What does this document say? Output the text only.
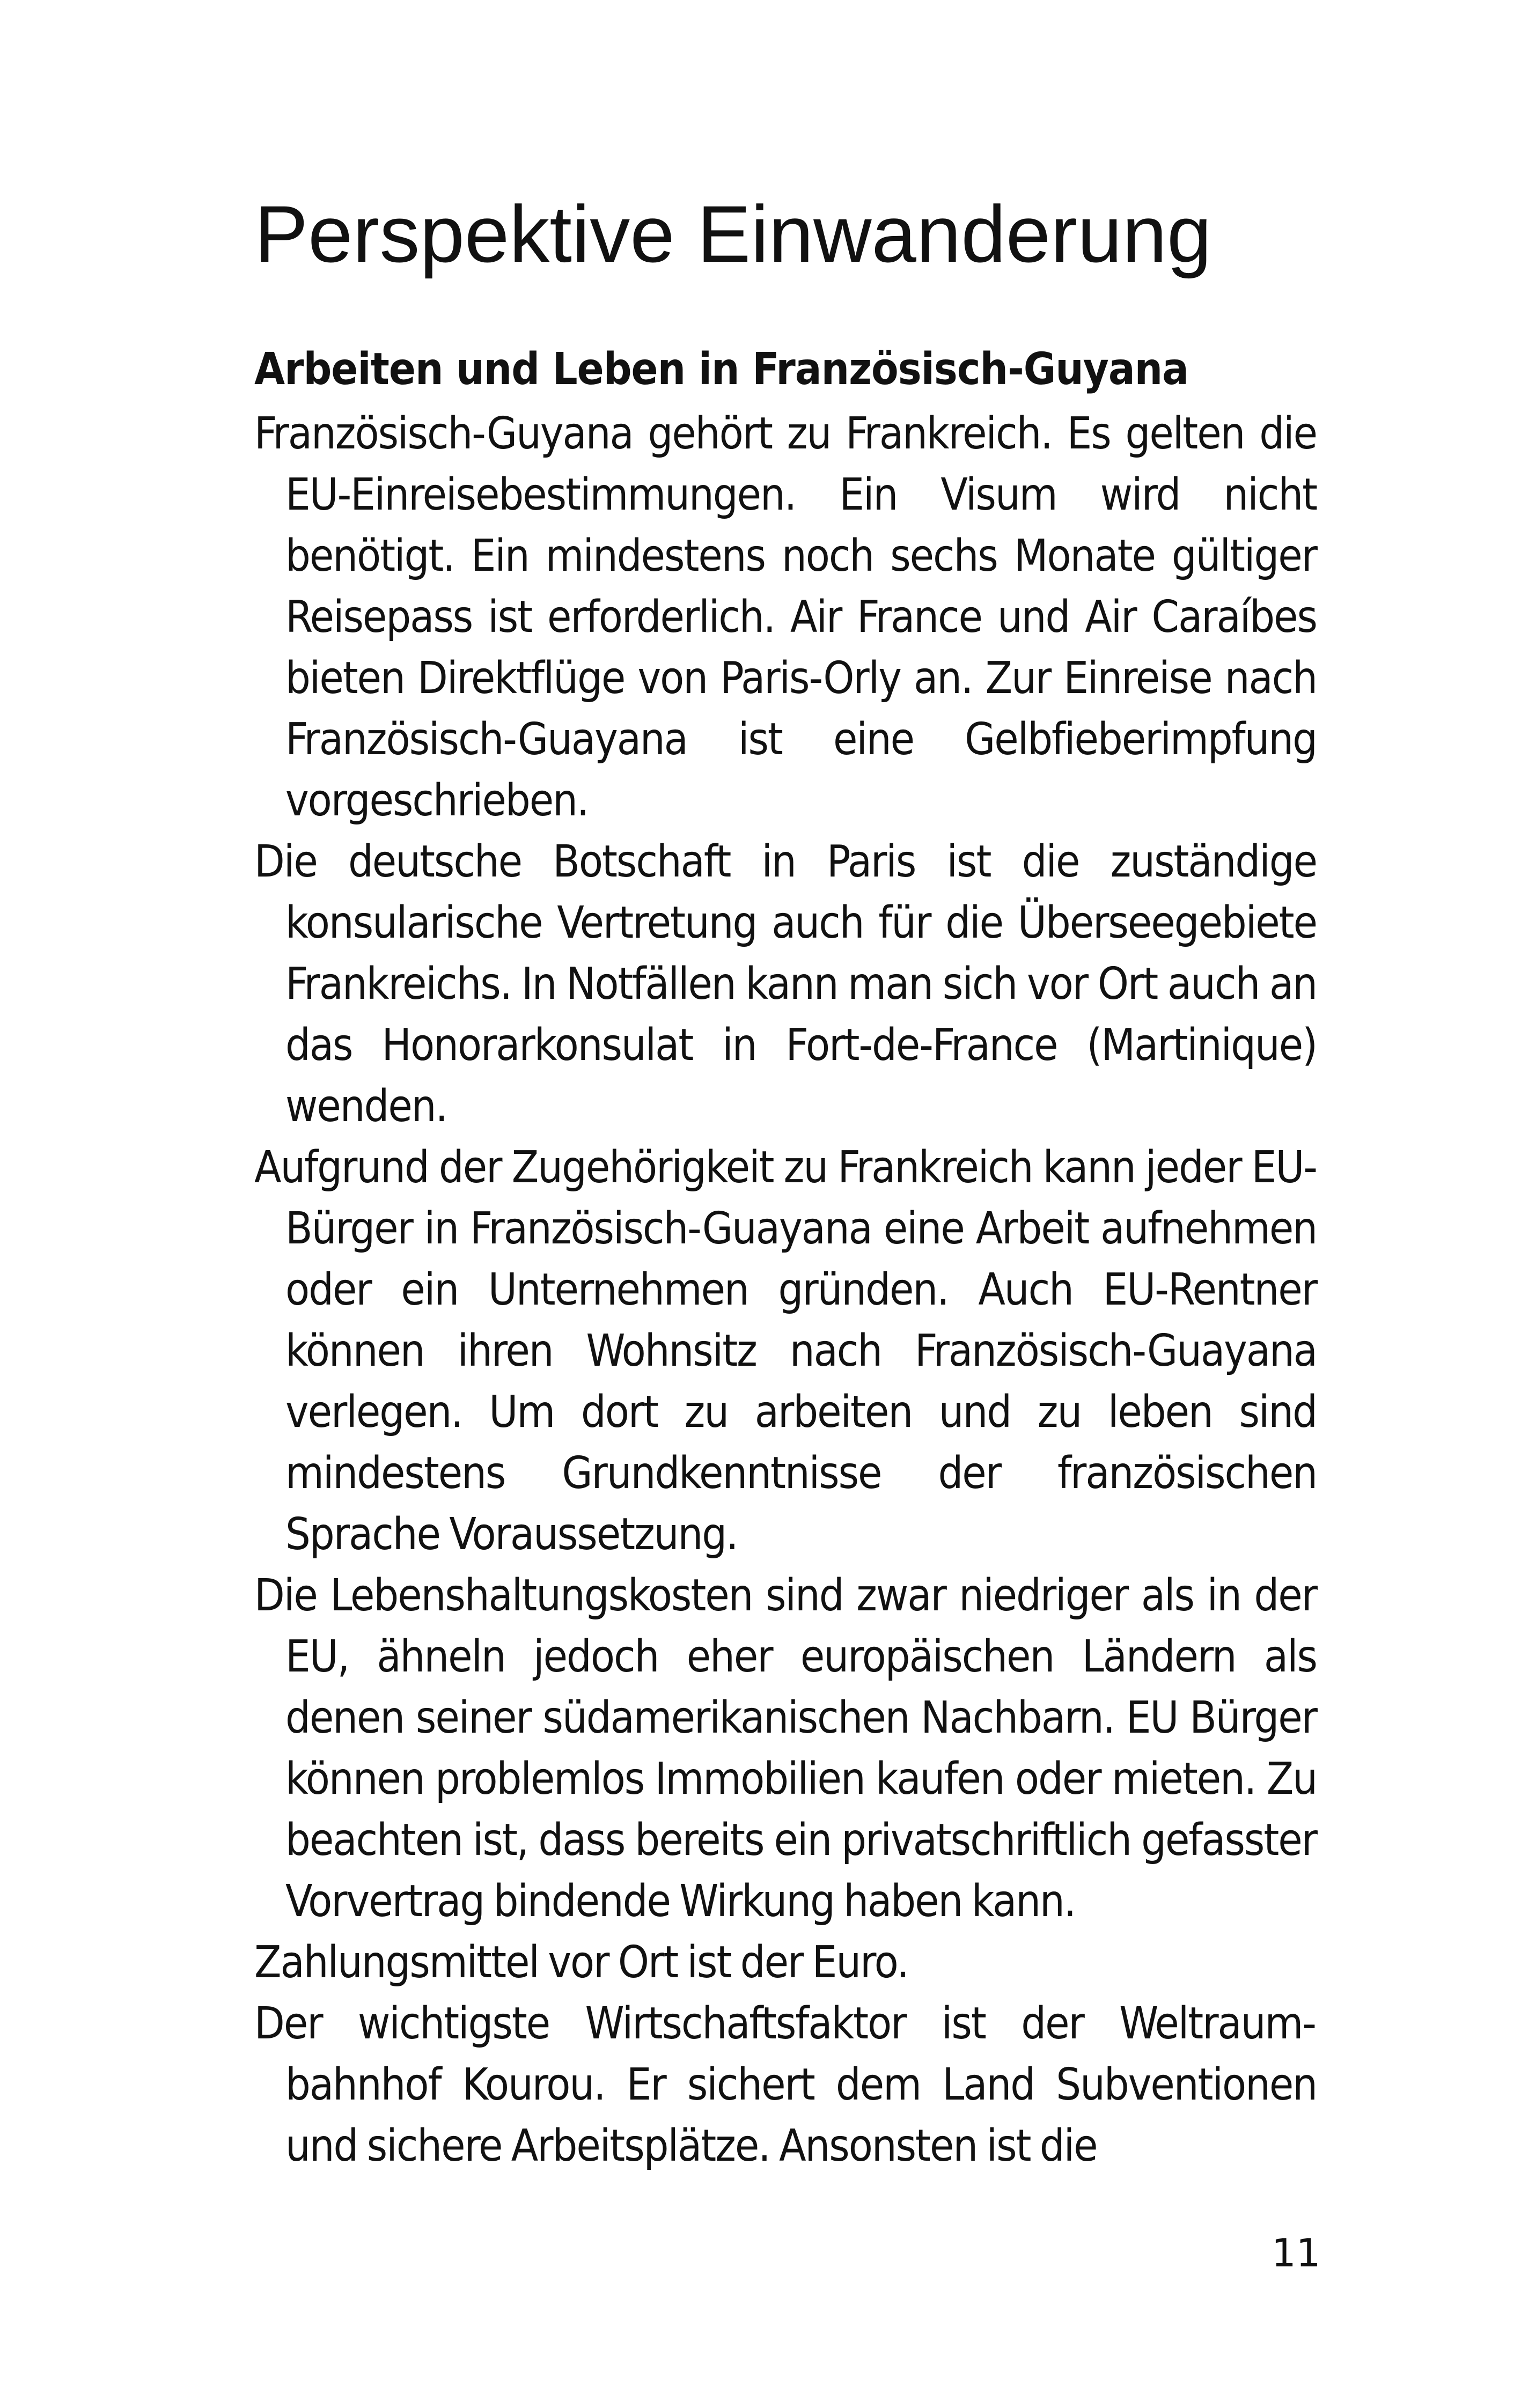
Perspektive Einwanderung
Arbeiten und Leben in Französisch-Guyana

Französisch-Guyana gehört zu Frankreich. Es gelten die EU-Einreisebestimmungen. Ein Visum wird nicht benötigt. Ein mindestens noch sechs Monate gültiger Reisepass ist erforderlich. Air France und Air Caraíbes bieten Direktflüge von Paris-Orly an. Zur Einreise nach Französisch-Guayana ist eine Gelbfieberimpfung vorgeschrieben.

Die deutsche Botschaft in Paris ist die zuständige konsularische Vertretung auch für die Überseegebiete Frankreichs. In Notfällen kann man sich vor Ort auch an das Honorarkonsulat in Fort-de-France (Martinique) wenden.

Aufgrund der Zugehörigkeit zu Frankreich kann jeder EU-Bürger in Französisch-Guayana eine Arbeit aufnehmen oder ein Unternehmen gründen. Auch EU-Rentner können ihren Wohnsitz nach Französisch-Guayana verlegen. Um dort zu arbeiten und zu leben sind mindestens Grundkenntnisse der französischen Sprache Voraussetzung.

Die Lebenshaltungskosten sind zwar niedriger als in der EU, ähneln jedoch eher europäischen Ländern als denen seiner südamerikanischen Nachbarn. EU Bürger können problemlos Immobilien kaufen oder mieten. Zu beachten ist, dass bereits ein privatschriftlich gefasster Vorvertrag bindende Wirkung haben kann.

Zahlungsmittel vor Ort ist der Euro.

Der wichtigste Wirtschaftsfaktor ist der Weltraumbahnhof Kourou. Er sichert dem Land Subventionen und sichere Arbeitsplätze. Ansonsten ist die

11
